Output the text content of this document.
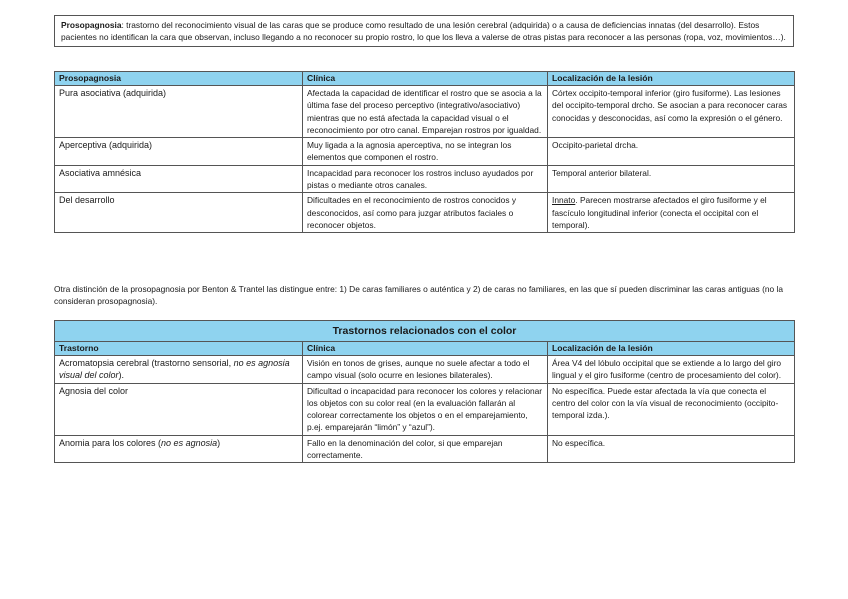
Prosopagnosia: trastorno del reconocimiento visual de las caras que se produce como resultado de una lesión cerebral (adquirida) o a causa de deficiencias innatas (del desarrollo). Estos pacientes no identifican la cara que observan, incluso llegando a no reconocer su propio rostro, lo que los lleva a valerse de otras pistas para reconocer a las personas (ropa, voz, movimientos…).
Prosopagnosia	Clínica	Localización de la lesión
Pura asociativa (adquirida)	Afectada la capacidad de identificar el rostro que se asocia a la última fase del proceso perceptivo (integrativo/asociativo) mientras que no está afectada la capacidad visual o el reconocimiento por otro canal. Emparejan rostros por igualdad.	Córtex occipito-temporal inferior (giro fusiforme). Las lesiones del occipito-temporal drcho. Se asocian a para reconocer caras conocidas y desconocidas, así como la expresión o el género.
Aperceptiva (adquirida)	Muy ligada a la agnosia aperceptiva, no se integran los elementos que componen el rostro.	Occipito-parietal drcha.
Asociativa amnésica	Incapacidad para reconocer los rostros incluso ayudados por pistas o mediante otros canales.	Temporal anterior bilateral.
Del desarrollo	Dificultades en el reconocimiento de rostros conocidos y desconocidos, así como para juzgar atributos faciales o reconocer objetos.	Innato. Parecen mostrarse afectados el giro fusiforme y el fascículo longitudinal inferior (conecta el occipital con el temporal).
Otra distinción de la prosopagnosia por Benton & Trantel las distingue entre: 1) De caras familiares o auténtica y 2) de caras no familiares, en las que sí pueden discriminar las caras antiguas (no la consideran prosopagnosia).
Trastornos relacionados con el color		
Trastorno	Clínica	Localización de la lesión
Acromatopsia cerebral (trastorno sensorial, no es agnosia visual del color).	Visión en tonos de grises, aunque no suele afectar a todo el campo visual (solo ocurre en lesiones bilaterales).	Área V4 del lóbulo occipital que se extiende a lo largo del giro lingual y el giro fusiforme (centro de procesamiento del color).
Agnosia del color	Dificultad o incapacidad para reconocer los colores y relacionar los objetos con su color real (en la evaluación fallarán al colorear correctamente los objetos o en el emparejamiento, p.ej. emparejarán “limón” y “azul”).	No específica. Puede estar afectada la vía que conecta el centro del color con la vía visual de reconocimiento (occipito-temporal izda.).
Anomia para los colores (no es agnosia)	Fallo en la denominación del color, si que emparejan correctamente.	No específica.
